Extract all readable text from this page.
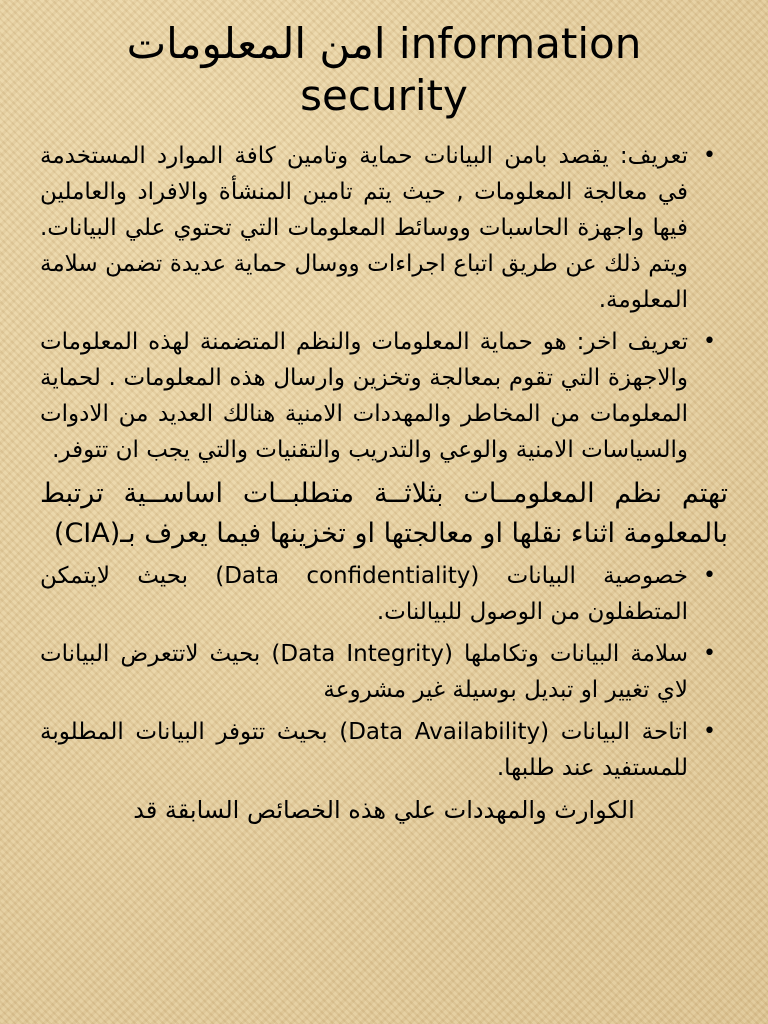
امن المعلومات information security
•
تعريف: يقصد بامن البيانات حماية وتامين كافة الموارد المستخدمة في معالجة المعلومات , حيث يتم تامين المنشأة والافراد والعاملين فيها واجهزة الحاسبات ووسائط المعلومات التي تحتوي علي البيانات. ويتم ذلك عن طريق اتباع اجراءات ووسال حماية عديدة تضمن سلامة المعلومة.
•
تعريف اخر: هو حماية المعلومات والنظم المتضمنة لهذه المعلومات والاجهزة التي تقوم بمعالجة وتخزين وارسال هذه المعلومات . لحماية المعلومات من المخاطر والمهددات الامنية هنالك العديد من الادوات والسياسات الامنية والوعي والتدريب والتقنيات والتي يجب ان تتوفر.

تهتم نظم المعلومــات بثلاثــة متطلبــات اساســية ترتبط بالمعلومة اثناء نقلها او معالجتها او تخزينها فيما يعرف بـ(CIA)

•
خصوصية البيانات (Data confidentiality) بحيث لايتمكن المتطفلون من الوصول للبيالنات.
•
سلامة البيانات وتكاملها (Data Integrity) بحيث لاتتعرض البيانات لاي تغيير او تبديل بوسيلة غير مشروعة
•
اتاحة البيانات (Data Availability) بحيث تتوفر البيانات المطلوبة للمستفيد عند طلبها.
الكوارث والمهددات علي هذه الخصائص السابقة قد
